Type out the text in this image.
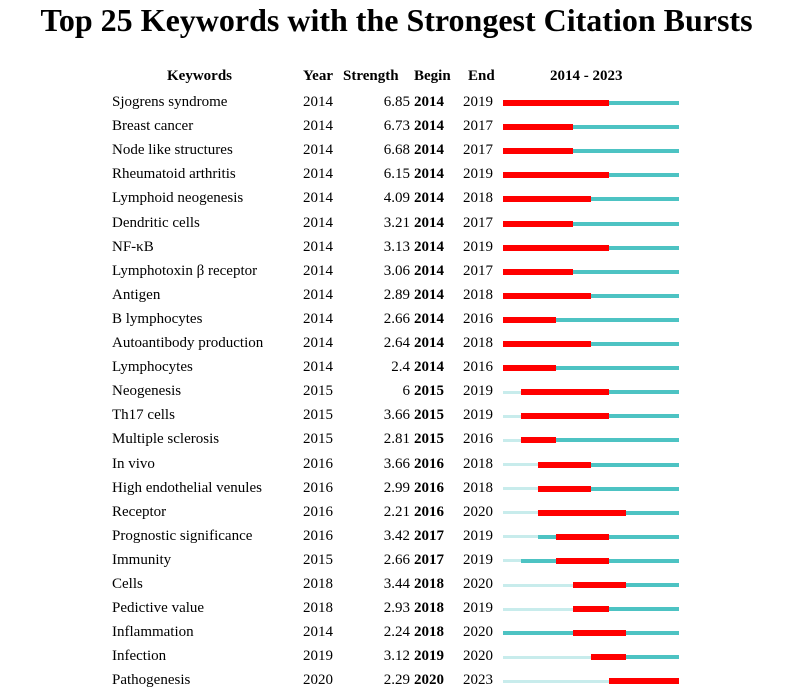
Top 25 Keywords with the Strongest Citation Bursts
Keywords	Year Strength Begin End	2014 - 2023
Sjogrens syndrome	2014	6.85 2014 2019
Breast cancer	2014	6.73 2014 2017
Node like structures	2014	6.68 2014 2017
Rheumatoid arthritis	2014	6.15 2014 2019
Lymphoid neogenesis	2014	4.09 2014 2018
Dendritic cells	2014	3.21 2014 2017
NF-κB	2014	3.13 2014 2019
Lymphotoxin β receptor	2014	3.06 2014 2017
Antigen	2014	2.89 2014 2018
B lymphocytes	2014	2.66 2014 2016
Autoantibody production	2014	2.64 2014 2018
Lymphocytes	2014	2.4 2014 2016
Neogenesis	2015	6 2015 2019
Th17 cells	2015	3.66 2015 2019
Multiple sclerosis	2015	2.81 2015 2016
In vivo	2016	3.66 2016 2018
High endothelial venules	2016	2.99 2016 2018
Receptor	2016	2.21 2016 2020
Prognostic significance	2016	3.42 2017 2019
Immunity	2015	2.66 2017 2019
Cells	2018	3.44 2018 2020
Pedictive value	2018	2.93 2018 2019
Inflammation	2014	2.24 2018 2020
Infection	2019	3.12 2019 2020
Pathogenesis	2020	2.29 2020 2023
